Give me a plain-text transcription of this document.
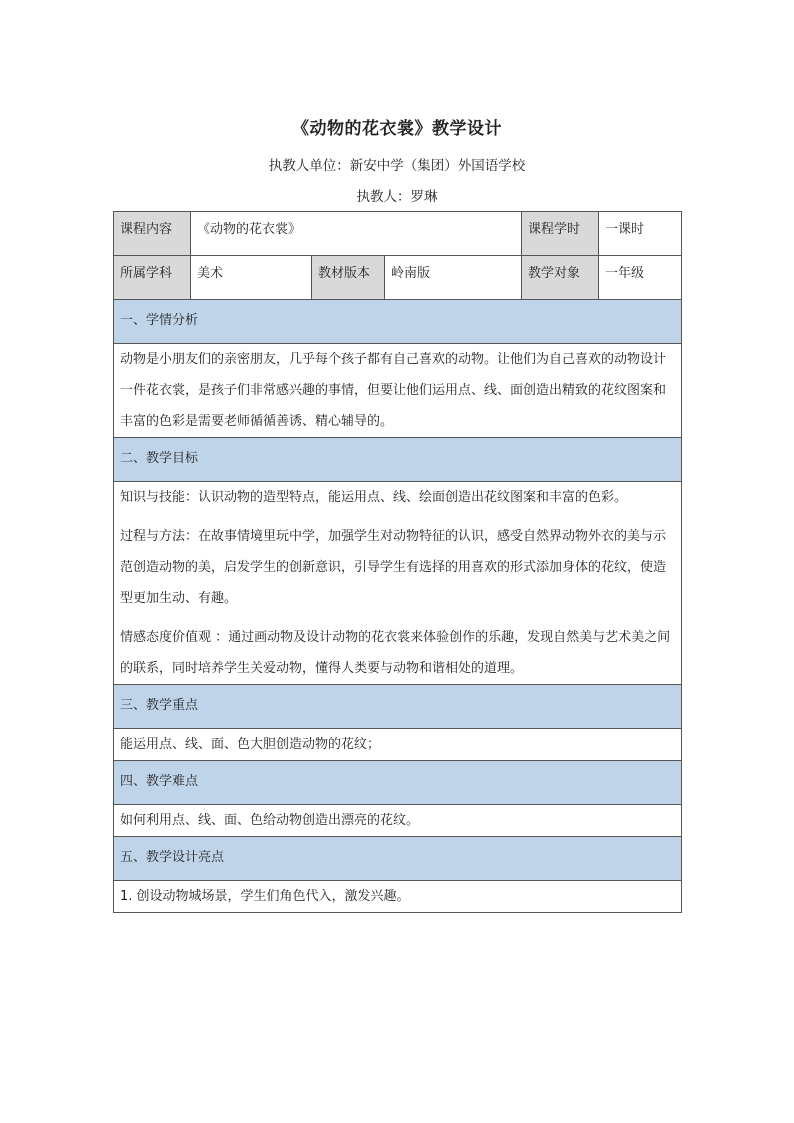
《动物的花衣裳》教学设计
执教人单位：新安中学（集团）外国语学校
执教人：罗琳
课程内容	《动物的花衣裳》			课程学时	一课时
所属学科	美术	教材版本	岭南版	教学对象	一年级
一、学情分析					

动物是小朋友们的亲密朋友，几乎每个孩子都有自己喜欢的动物。让他们为自己喜欢的动物设计一件花衣裳，是孩子们非常感兴趣的事情，但要让他们运用点、线、面创造出精致的花纹图案和丰富的色彩是需要老师循循善诱、精心辅导的。					

二、教学目标					

知识与技能：认识动物的造型特点，能运用点、线、绘面创造出花纹图案和丰富的色彩。

过程与方法：在故事情境里玩中学，加强学生对动物特征的认识，感受自然界动物外衣的美与示范创造动物的美，启发学生的创新意识，引导学生有选择的用喜欢的形式添加身体的花纹，使造型更加生动、有趣。

情感态度价值观 ：通过画动物及设计动物的花衣裳来体验创作的乐趣，发现自然美与艺术美之间的联系，同时培养学生关爱动物，懂得人类要与动物和谐相处的道理。					

三、教学重点					

能运用点、线、面、色大胆创造动物的花纹；					

四、教学难点					

如何利用点、线、面、色给动物创造出漂亮的花纹。					

五、教学设计亮点					

1. 创设动物城场景，学生们角色代入，激发兴趣。					
